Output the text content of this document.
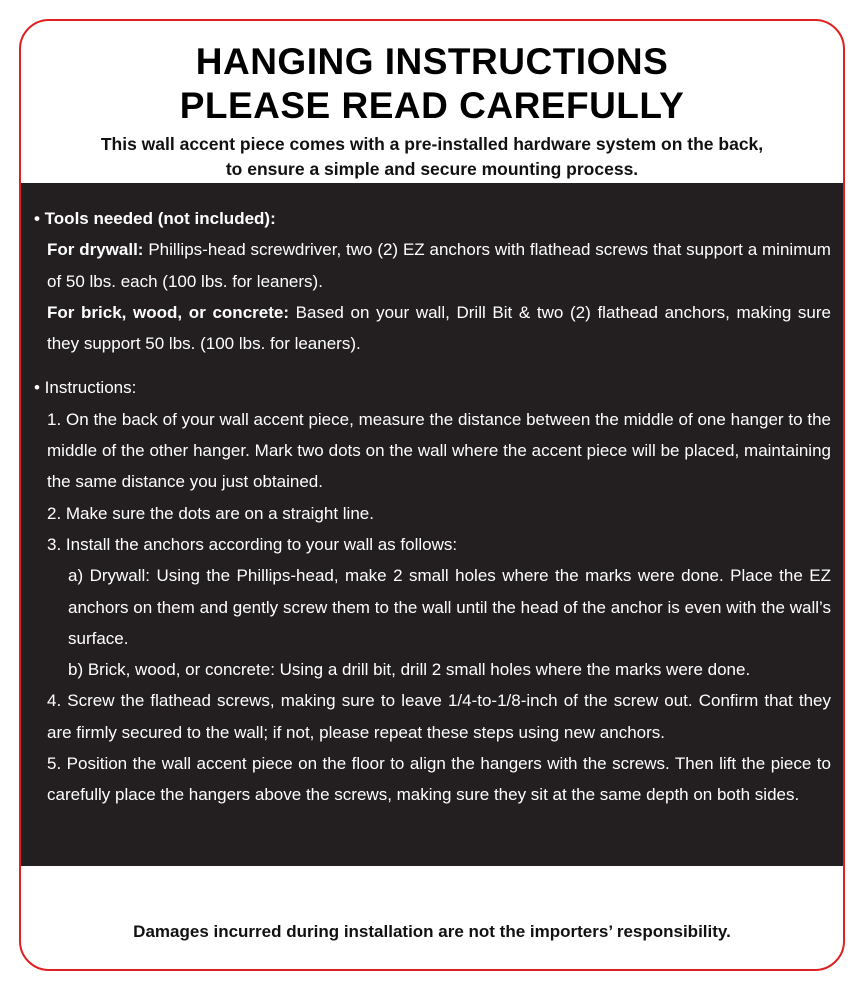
HANGING INSTRUCTIONS
PLEASE READ CAREFULLY

This wall accent piece comes with a pre-installed hardware system on the back,

to ensure a simple and secure mounting process.

• Tools needed (not included):

For drywall: Phillips-head screwdriver, two (2) EZ anchors with flathead screws that support a minimum of 50 lbs. each (100 lbs. for leaners).

For brick, wood, or concrete: Based on your wall, Drill Bit & two (2) flathead anchors, making sure they support 50 lbs. (100 lbs. for leaners).

• Instructions:

1. On the back of your wall accent piece, measure the distance between the middle of one hanger to the middle of the other hanger. Mark two dots on the wall where the accent piece will be placed, maintaining the same distance you just obtained.

2. Make sure the dots are on a straight line.

3. Install the anchors according to your wall as follows:

a) Drywall: Using the Phillips-head, make 2 small holes where the marks were done. Place the EZ anchors on them and gently screw them to the wall until the head of the anchor is even with the wall’s surface.

b) Brick, wood, or concrete: Using a drill bit, drill 2 small holes where the marks were done.

4. Screw the flathead screws, making sure to leave 1/4-to-1/8-inch of the screw out. Confirm that they are firmly secured to the wall; if not, please repeat these steps using new anchors.

5. Position the wall accent piece on the floor to align the hangers with the screws. Then lift the piece to carefully place the hangers above the screws, making sure they sit at the same depth on both sides.

Damages incurred during installation are not the importers’ responsibility.
